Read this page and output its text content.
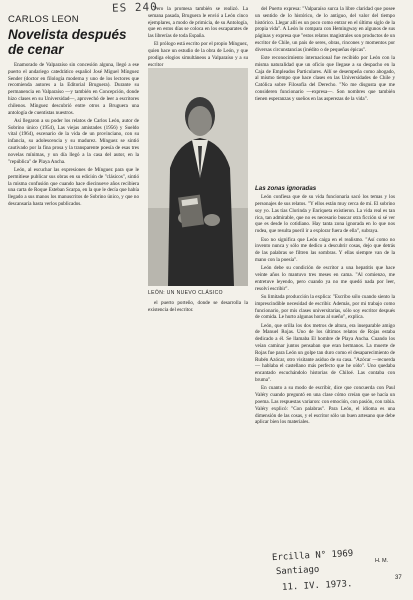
ES 240
CARLOS LEON
Novelista después de cenar

Enamorado de Valparaíso sin concesión alguna, llegó a ese puerto el andariego catedrático español José Miguel Mínguez Sender (doctor en filología moderna y uno de los lectores que recomienda autores a la Editorial Bruguera). Durante su permanencia en Valparaíso —y también en Concepción, donde hizo clases en su Universidad—, aprovechó de leer a escritores chilenos. Mínguez descubrió entre otros a Bruguera una antología de cuentistas nuestros.

Así llegaron a su poder los relatos de Carlos León, autor de Sobrino único (1954), Las viejas amistades (1956) y Sueldo vital (1964), escenario de la vida de un provinciano, con su infancia, su adolescencia y su madurez. Mínguez se sintió cautivado por la fina prosa y la transparente poesía de esas tres novelas mínimas, y un día llegó a la casa del autor, en la "república" de Playa Ancha.

León, al escuchar las expresiones de Mínguez para que le permitiese publicar sus obras en su edición de "clásicos", sintió la misma confusión que cuando hace diecinueve años recibiera una carta de Roque Esteban Scarpa, en la que le decía que había llegado a sus manos los manuscritos de Sobrino único, y que no descansaría hasta verlos publicados.

Pero la promesa también se realizó. La semana pasada, Bruguera le envió a León cinco ejemplares, a modo de primicia, de su Antología, que en estos días se coloca en los escaparates de las librerías de toda España.

El prólogo está escrito por el propio Mínguez, quien hace un estudio de la obra de León, y que prodiga elogios simultáneos a Valparaíso y a su escritor

LEÓN: UN NUEVO CLÁSICO

el puerto porteño, donde se desarrolla la existencia del escritor.

del Puerto expresa: "Valparaíso surca la libre claridad que posee un sentido de lo histórico, de lo antiguo, del valor del tiempo histórico. Llegar allí es un poco como entrar en el último siglo de la propia vida". A León lo compara con Hemingway en algunos de sus páginas y expresa que "estos relatos magistrales son productos de un escritor de Chile, un país de seres, obras, rincones y momentos por diversas circunstancias (inédito o de pequeñas épicas".

Este reconocimiento internacional fue recibido por León con la misma naturalidad que un oficio que llegase a su despacho en la Caja de Empleados Particulares. Allí se desempeña como abogado, al mismo tiempo que hace clases en las Universidades de Chile y Católica sobre Filosofía del Derecho. "No me disgusta que me consideren funcionario —expresa—. Son nombres que también tienen esperanzas y sueños en las asperezas de la vida".

Las zonas ignoradas

León confiesa que de su vida funcionaria sacó los temas y los personajes de sus relatos. "Y ellos están muy cerca de mí. El sobrino soy yo. Las tías Clorinda y Enriqueta existieron. La vida real es tan rica, tan admirable, que no es necesario buscar otra ficción si sé ver que es desde lo cotidiano. Hay tanta zona ignorada en lo que nos rodea, que resulta pueril ir a explorar fuera de ella", subraya.

Eso no significa que León caiga en el realismo. "Así como no invento nunca y sólo me dedico a descubrir cosas, dejo que detrás de las palabras se filtren las sombras. Y ellas siempre van de la mano con la poesía".

León debe su condición de escritor a una hepatitis que hace veinte años lo mantuvo tres meses en cama. "Al comienzo, me entretuve leyendo, pero cuando ya no me quedó nada por leer, resolví escribir".

Su limitada producción la explica: "Escribo sólo cuando siento la imprescindible necesidad de escribir. Además, por mi trabajo como funcionario, por mis clases universitarias, sólo soy escritor después de comida. Le hurto algunas horas al sueño", explica.

León, que orilla los dos metros de altura, era inseparable amigo de Manuel Rojas. Uno de los últimos relatos de Rojas estaba dedicado a él. Se llamaba El hombre de Playa Ancha. Cuando los veían caminar juntos pensaban que eran hermanos. La muerte de Rojas fue para León un golpe tan duro como el desaparecimiento de Rubén Azócar, otro visitante asiduo de su casa. "Azócar —recuerda— hablaba el castellano más perfecto que he oído". Uno quedaba encantado escuchándolo historias de Chiloé. Las contaba con bruma".

En cuanto a su modo de escribir, dice que concuerda con Paul Valéry cuando preguntó en una clase cómo creían que se hacía un poema. Las respuestas variaron: con emoción, con pasión, con rabia. Valéry explicó: "Con palabras". Para León, el idioma es una dimensión de las cosas, y el escritor sólo un buen artesano que debe aplicar bien los materiales.

H. M.
37
Ercilla N° 1969
Santiago
11. IV. 1973.
